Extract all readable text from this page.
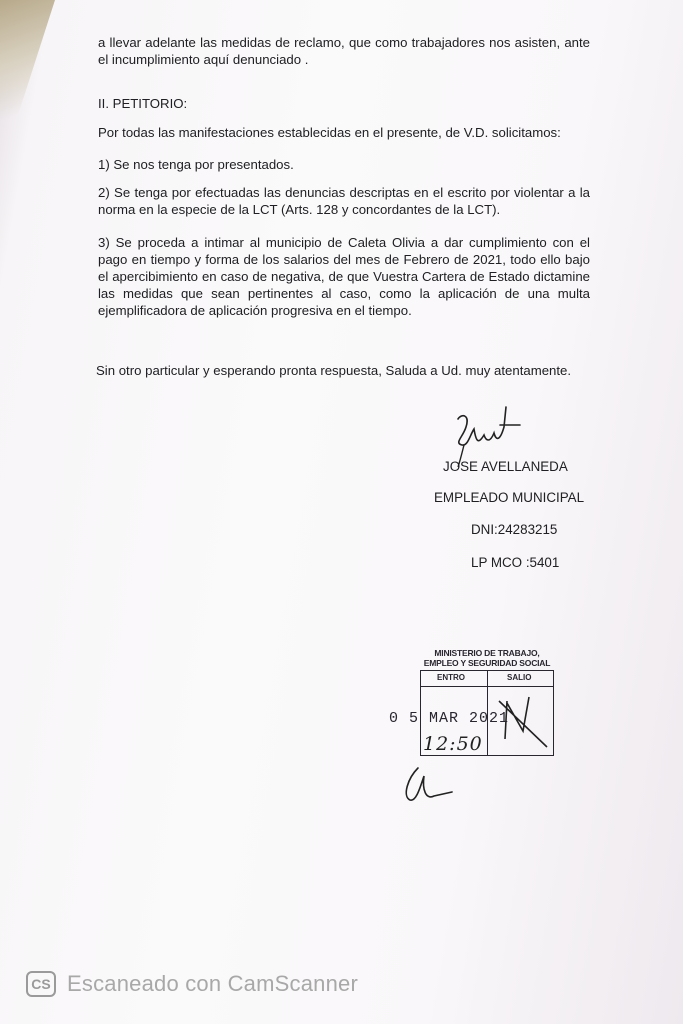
a llevar adelante las medidas de reclamo, que como trabajadores nos asisten, ante el incumplimiento aquí denunciado .

II. PETITORIO:

Por todas las manifestaciones establecidas en el presente, de V.D. solicitamos:

1) Se nos tenga por presentados.

2) Se tenga por efectuadas las denuncias descriptas en el escrito por violentar a la norma en la especie de la LCT (Arts. 128 y concordantes de la LCT).

3) Se proceda a intimar al municipio de Caleta Olivia a dar cumplimiento con el pago en tiempo y forma de los salarios del mes de Febrero de 2021, todo ello bajo el apercibimiento en caso de negativa, de que Vuestra Cartera de Estado dictamine las medidas que sean pertinentes al caso, como la aplicación de una multa ejemplificadora de aplicación progresiva en el tiempo.

Sin otro particular y esperando pronta respuesta, Saluda a Ud. muy atentamente.

JOSE AVELLANEDA
EMPLEADO MUNICIPAL
DNI:24283215
LP MCO :5401
MINISTERIO DE TRABAJO,
EMPLEO Y SEGURIDAD SOCIAL
ENTRO	SALIO
0 5 MAR 2021
12:50
CS Escaneado con CamScanner
